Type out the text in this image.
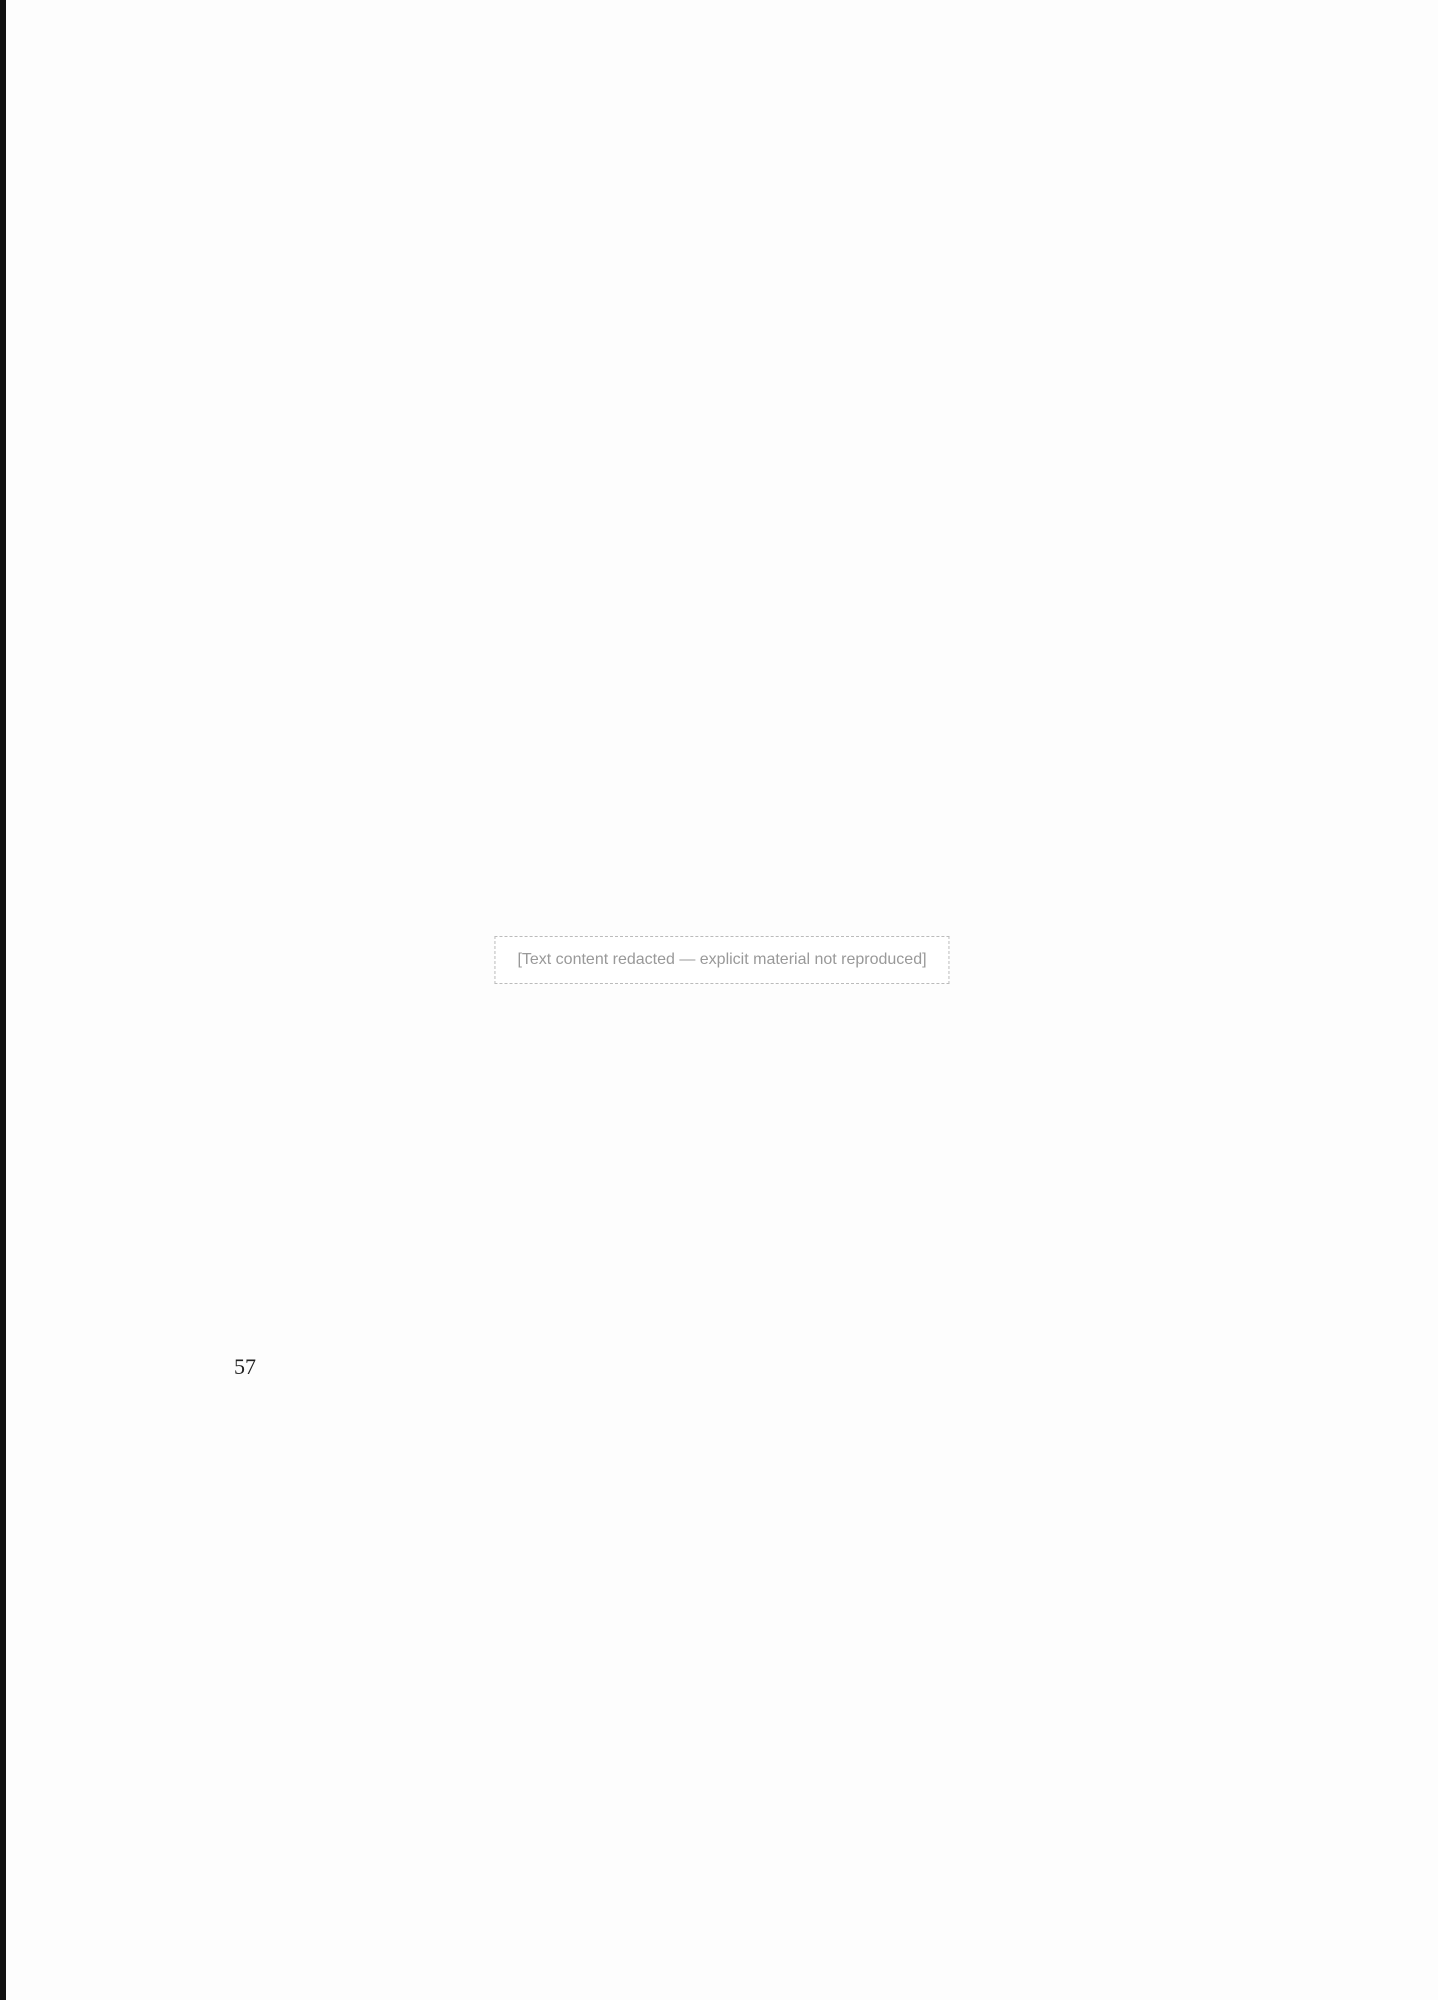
[Text content redacted — explicit material not reproduced]
57
